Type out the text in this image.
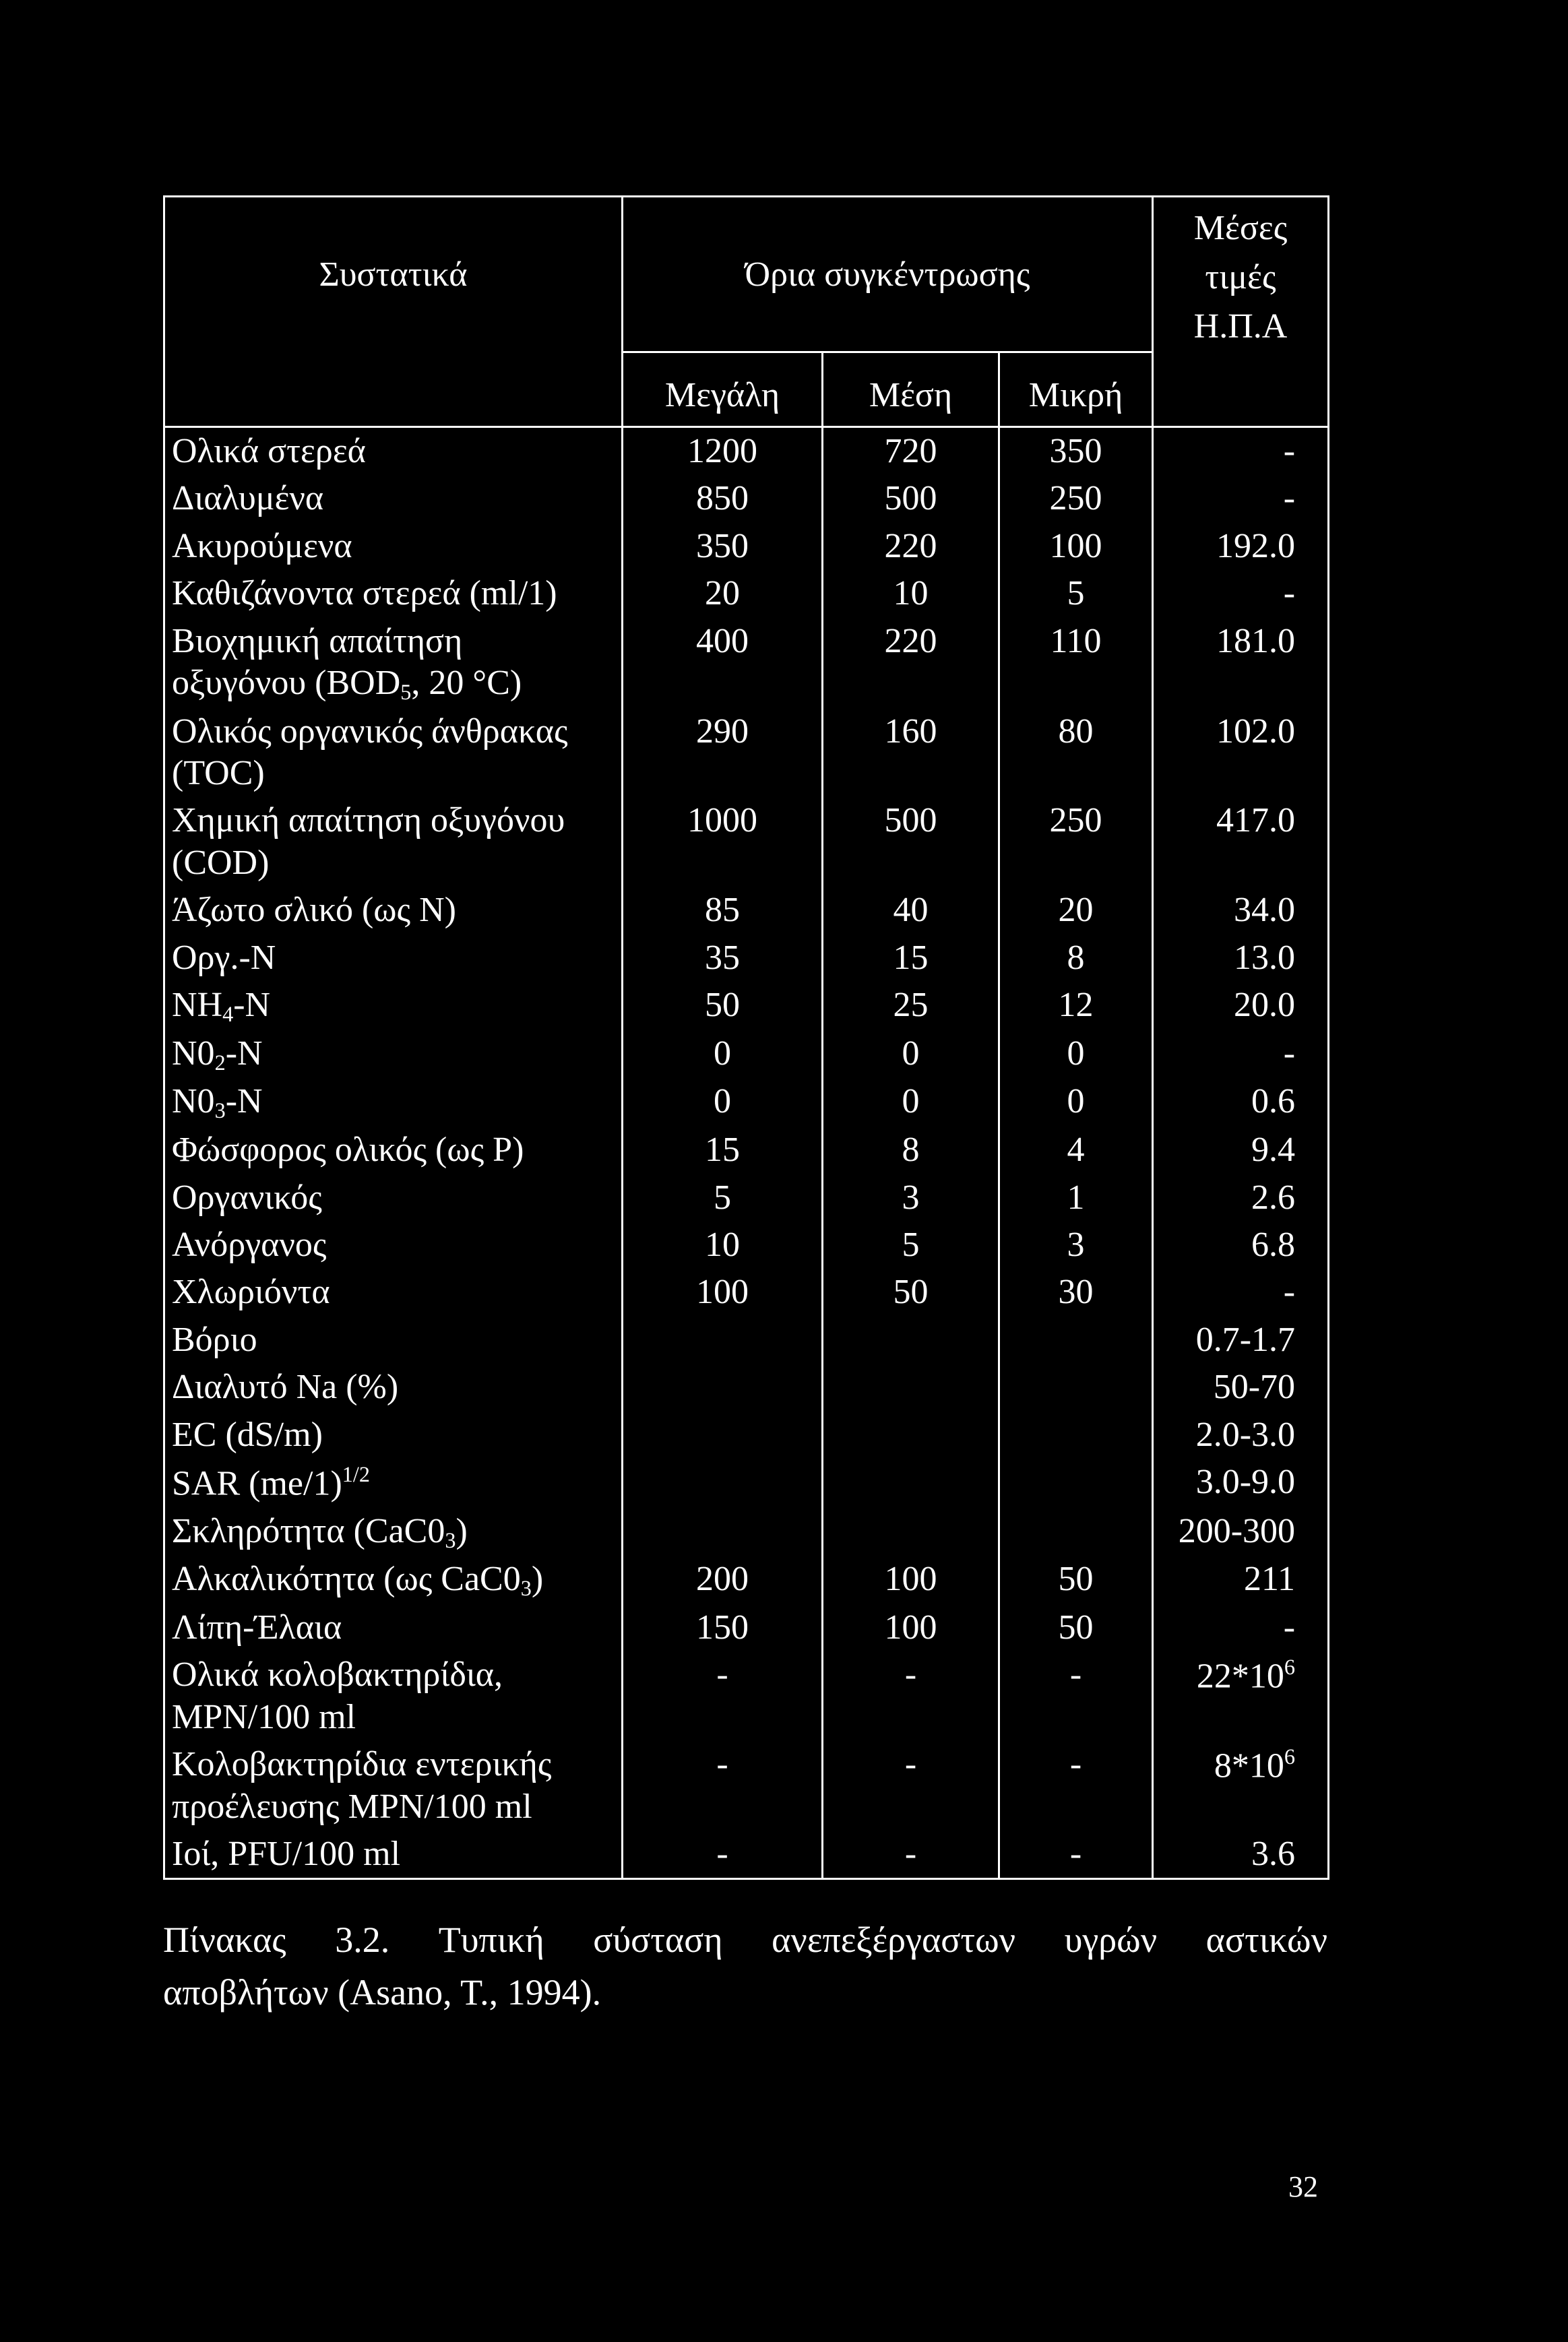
Συστατικά	Όρια συγκέντρωσης			Μέσες
τιμές
Η.Π.Α

	Μεγάλη	Μέση	Μικρή	
Ολικά στερεά	1200	720	350	-
Διαλυμένα	850	500	250	-
Ακυρούμενα	350	220	100	192.0
Καθιζάνοντα στερεά (ml/1)	20	10	5	-
Βιοχημική απαίτηση
οξυγόνου ($BOD_5$, 20 °C)	400	220	110	181.0
Ολικός οργανικός άνθρακας
(TOC)	290	160	80	102.0
Χημική απαίτηση οξυγόνου
(COD)	1000	500	250	417.0
Άζωτο σλικό (ως Ν)	85	40	20	34.0
Οργ.-Ν	35	15	8	13.0
$NH_4-N$	50	25	12	20.0
$N0_2-N$	0	0	0	-
$N0_3-N$	0	0	0	0.6
Φώσφορος ολικός (ως P)	15	8	4	9.4
Οργανικός	5	3	1	2.6
Ανόργανος	10	5	3	6.8
Χλωριόντα	100	50	30	-
Βόριο				0.7-1.7
Διαλυτό Na (%)				50-70
EC (dS/m)				2.0-3.0
SAR $(me/1)^{1/2}$				3.0-9.0
Σκληρότητα $(CaC0_3)$				200-300
Αλκαλικότητα (ως $CaC0_3$)	200	100	50	211
Λίπη-Έλαια	150	100	50	-
Ολικά κολοβακτηρίδια,
MPN/100 ml	-	-	-	$22*10^6$
Κολοβακτηρίδια εντερικής
προέλευσης MPN/100 ml	-	-	-	$8*10^6$
Ιοί, PFU/100 ml	-	-	-	3.6
Πίνακας 3.2. Τυπική σύσταση ανεπεξέργαστων υγρών αστικών
αποβλήτων (Asano, T., 1994).
32
